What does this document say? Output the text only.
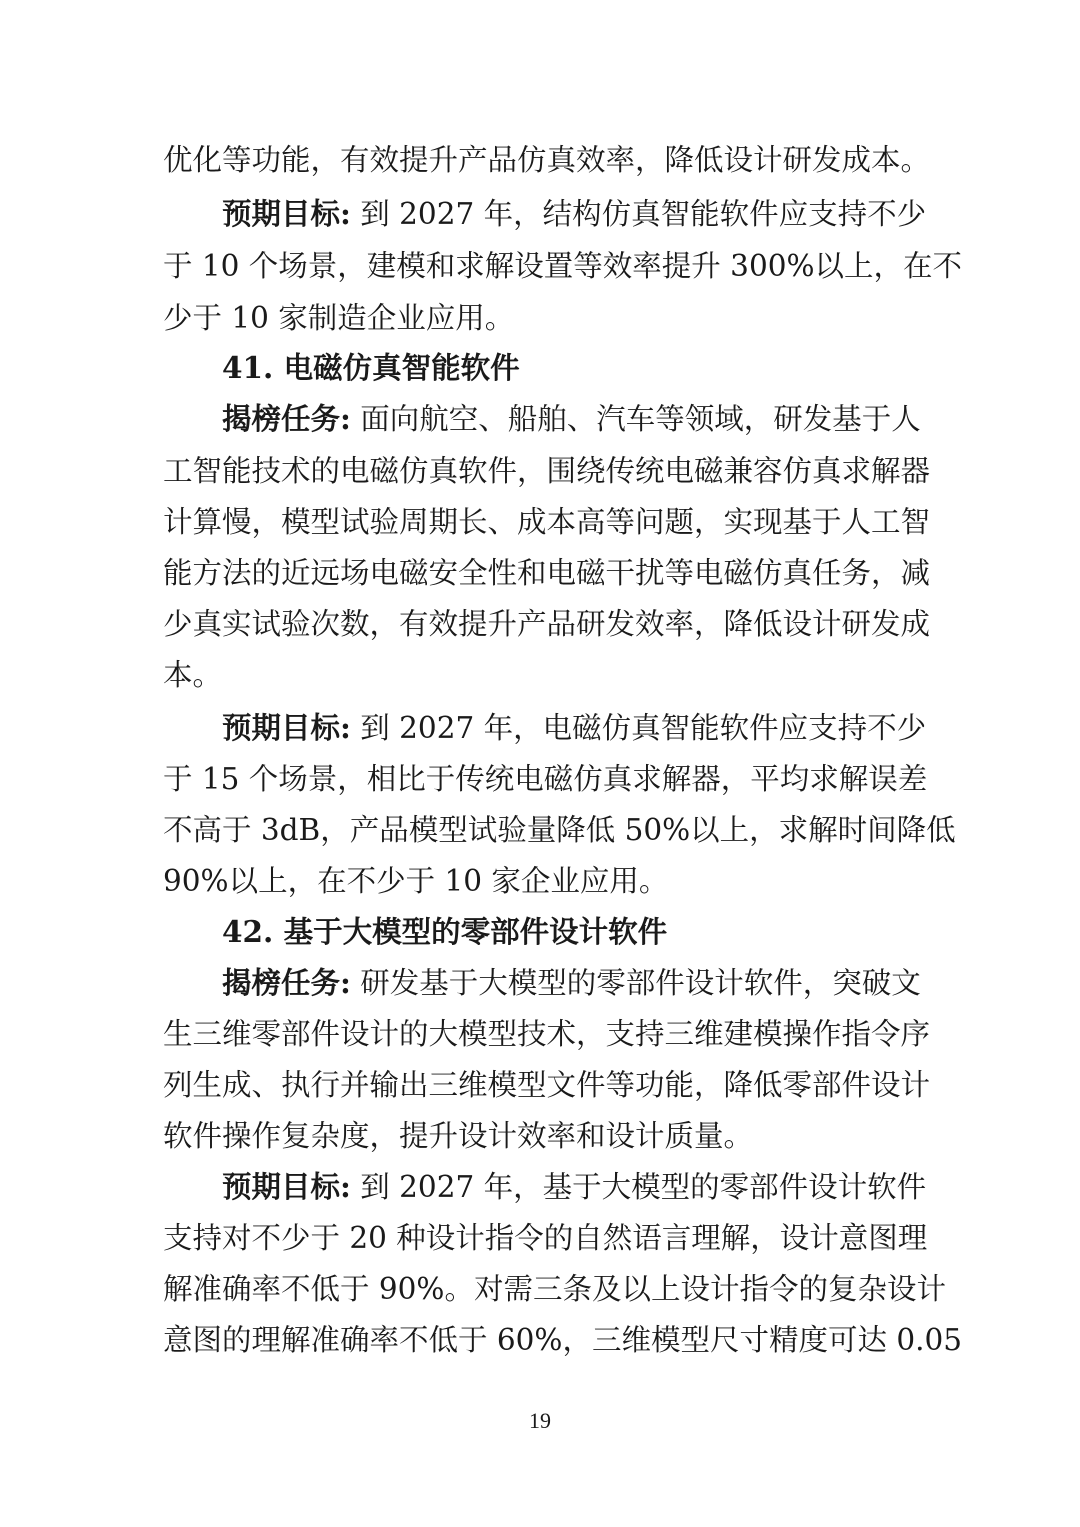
优化等功能，有效提升产品仿真效率，降低设计研发成本。
预期目标: 到 2027 年，结构仿真智能软件应支持不少
于 10 个场景，建模和求解设置等效率提升 300%以上，在不
少于 10 家制造企业应用。
41. 电磁仿真智能软件
揭榜任务: 面向航空、船舶、汽车等领域，研发基于人
工智能技术的电磁仿真软件，围绕传统电磁兼容仿真求解器
计算慢，模型试验周期长、成本高等问题，实现基于人工智
能方法的近远场电磁安全性和电磁干扰等电磁仿真任务，减
少真实试验次数，有效提升产品研发效率，降低设计研发成
本。
预期目标: 到 2027 年，电磁仿真智能软件应支持不少
于 15 个场景，相比于传统电磁仿真求解器，平均求解误差
不高于 3dB，产品模型试验量降低 50%以上，求解时间降低
90%以上，在不少于 10 家企业应用。
42. 基于大模型的零部件设计软件
揭榜任务: 研发基于大模型的零部件设计软件，突破文
生三维零部件设计的大模型技术，支持三维建模操作指令序
列生成、执行并输出三维模型文件等功能，降低零部件设计
软件操作复杂度，提升设计效率和设计质量。
预期目标: 到 2027 年，基于大模型的零部件设计软件
支持对不少于 20 种设计指令的自然语言理解，设计意图理
解准确率不低于 90%。对需三条及以上设计指令的复杂设计
意图的理解准确率不低于 60%，三维模型尺寸精度可达 0.05
19
